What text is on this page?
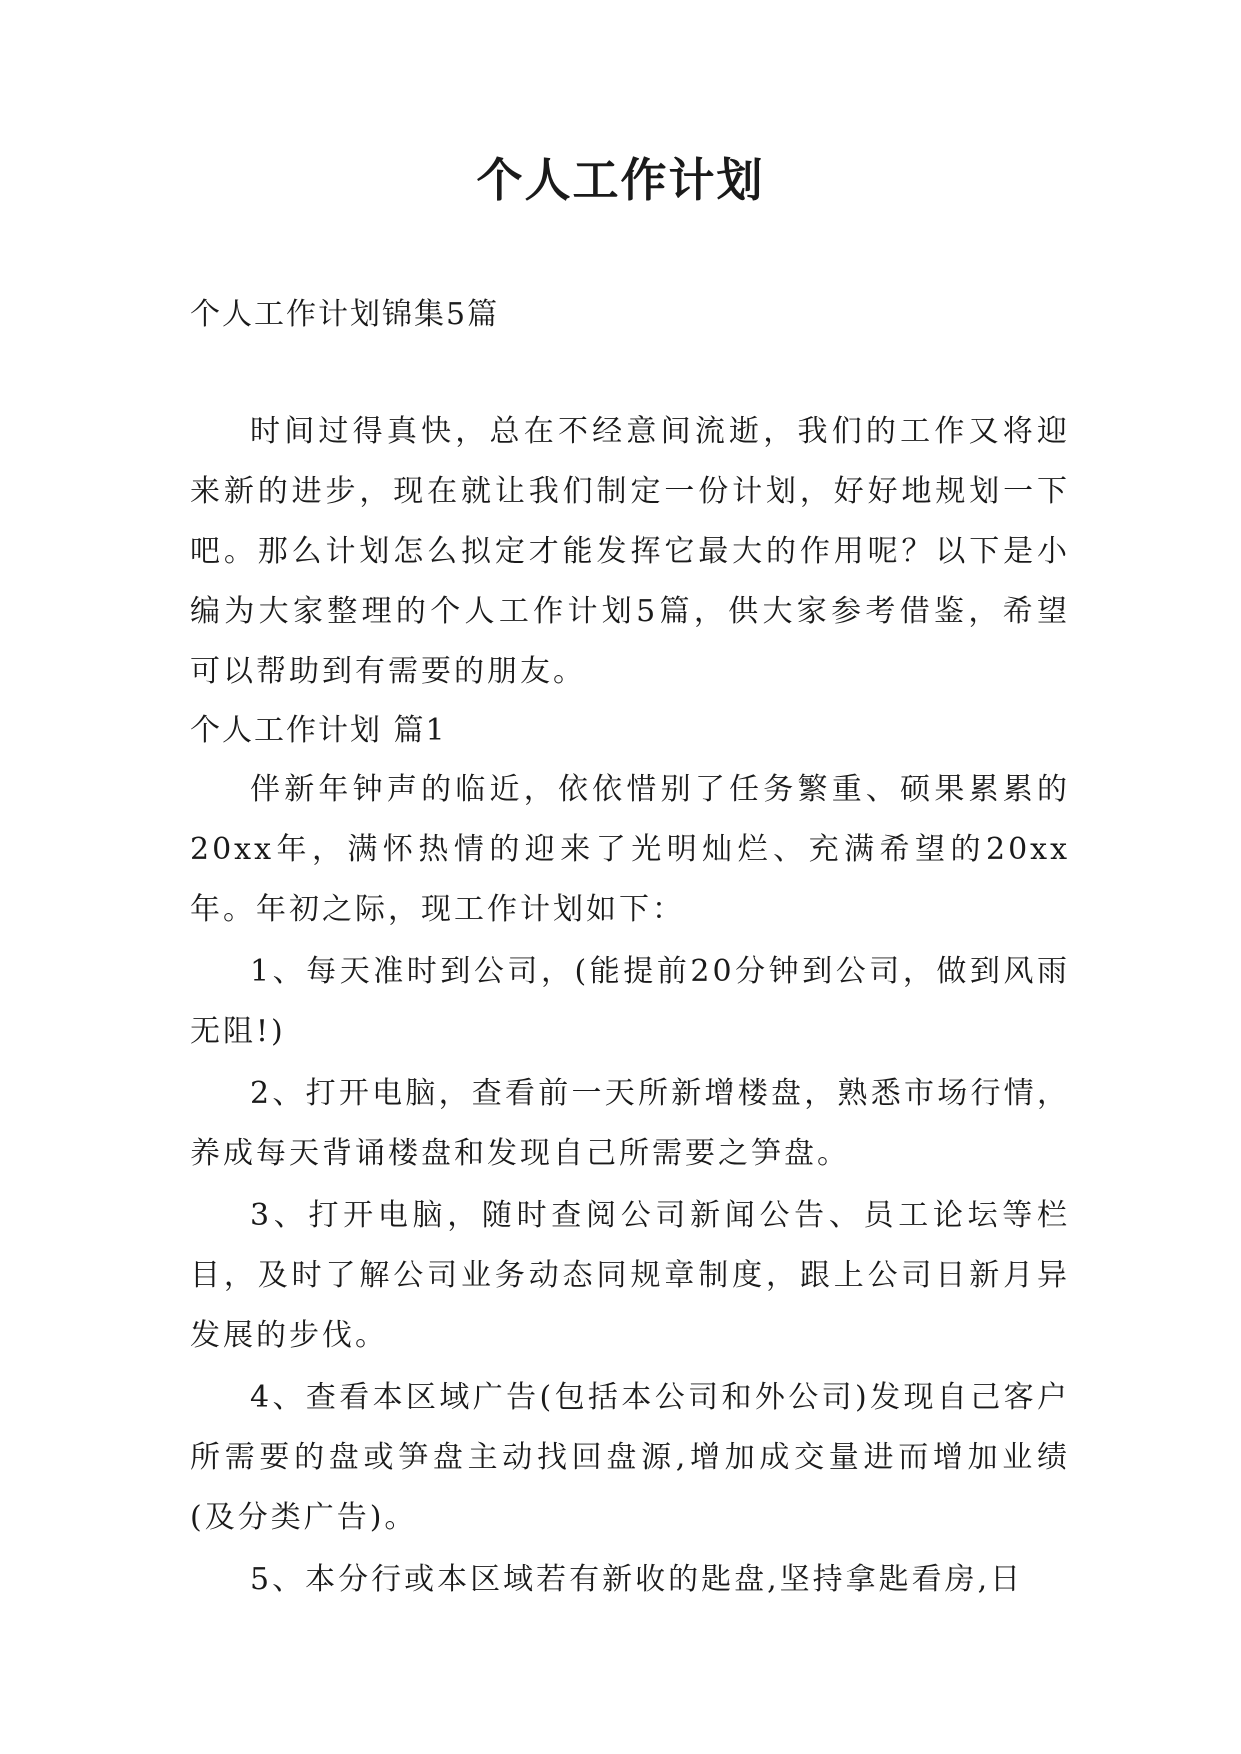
个人工作计划

个人工作计划锦集5篇

时间过得真快，总在不经意间流逝，我们的工作又将迎来新的进步，现在就让我们制定一份计划，好好地规划一下吧。那么计划怎么拟定才能发挥它最大的作用呢？以下是小编为大家整理的个人工作计划5篇，供大家参考借鉴，希望可以帮助到有需要的朋友。

个人工作计划 篇1

伴新年钟声的临近，依依惜别了任务繁重、硕果累累的20xx年，满怀热情的迎来了光明灿烂、充满希望的20xx年。年初之际，现工作计划如下：

1、每天准时到公司，(能提前20分钟到公司，做到风雨无阻!)

2、打开电脑，查看前一天所新增楼盘，熟悉市场行情，养成每天背诵楼盘和发现自己所需要之笋盘。

3、打开电脑，随时查阅公司新闻公告、员工论坛等栏目，及时了解公司业务动态同规章制度，跟上公司日新月异发展的步伐。

4、查看本区域广告(包括本公司和外公司)发现自己客户所需要的盘或笋盘主动找回盘源,增加成交量进而增加业绩(及分类广告)。

5、本分行或本区域若有新收的匙盘,坚持拿匙看房,日
